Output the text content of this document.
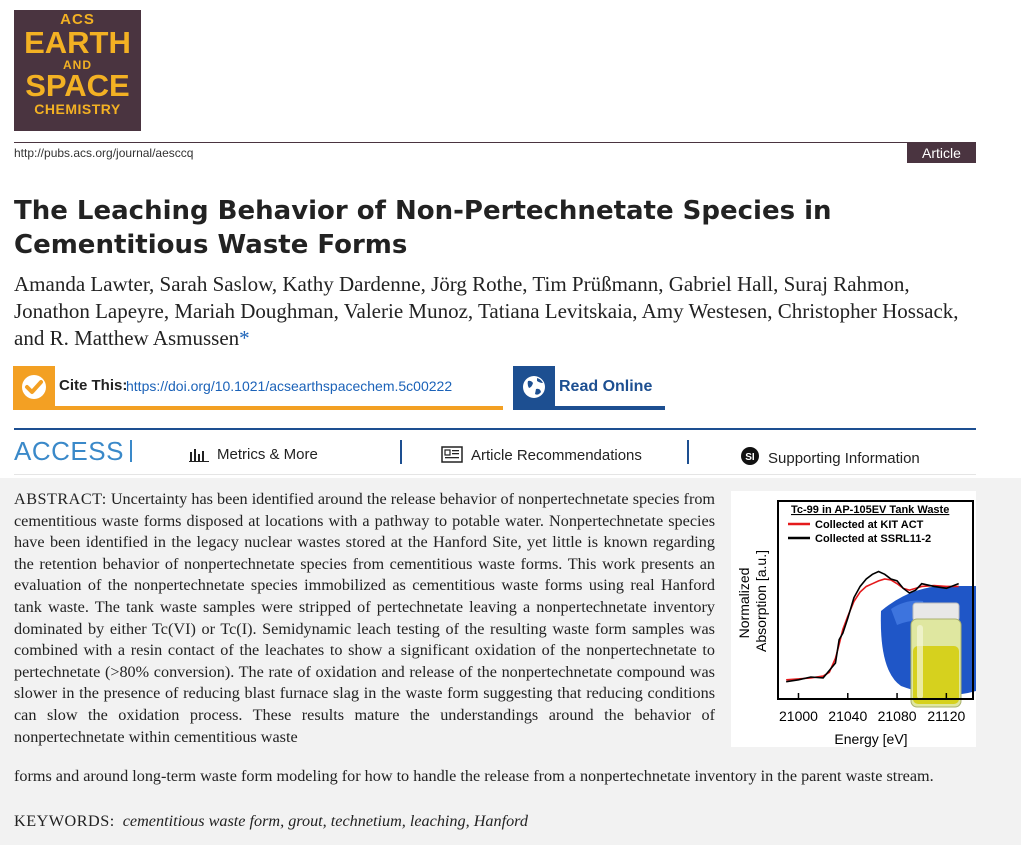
ACS
EARTH
AND
SPACE
CHEMISTRY
http://pubs.acs.org/journal/aesccq	Article
The Leaching Behavior of Non-Pertechnetate Species in Cementitious Waste Forms
Amanda Lawter, Sarah Saslow, Kathy Dardenne, Jörg Rothe, Tim Prüßmann, Gabriel Hall, Suraj Rahmon, Jonathon Lapeyre, Mariah Doughman, Valerie Munoz, Tatiana Levitskaia, Amy Westesen, Christopher Hossack, and R. Matthew Asmussen*
Cite This:
https://doi.org/10.1021/acsearthspacechem.5c00222	Read Online
ACCESS	Metrics & More	Article Recommendations	SI Supporting Information
ABSTRACT: Uncertainty has been identified around the release behavior of nonpertechnetate species from cementitious waste forms disposed at locations with a pathway to potable water. Nonpertechnetate species have been identified in the legacy nuclear wastes stored at the Hanford Site, yet little is known regarding the retention behavior of nonpertechnetate species from cementitious waste forms. This work presents an evaluation of the nonpertechnetate species immobilized as cementitious waste forms using real Hanford tank waste. The tank waste samples were stripped of pertechnetate leaving a nonpertechnetate inventory dominated by either Tc(VI) or Tc(I). Semidynamic leach testing of the resulting waste form samples was combined with a resin contact of the leachates to show a significant oxidation of the nonpertechnetate to pertechnetate (>80% conversion). The rate of oxidation and release of the nonpertechnetate compound was slower in the presence of reducing blast furnace slag in the waste form suggesting that reducing conditions can slow the oxidation process. These results mature the understandings around the behavior of nonpertechnetate within cementitious waste
forms and around long-term waste form modeling for how to handle the release from a nonpertechnetate inventory in the parent waste stream.
KEYWORDS: cementitious waste form, grout, technetium, leaching, Hanford
Tc-99 in AP-105EV Tank Waste
Collected at KIT ACT
Collected at SSRL11-2
Normalized Absorption [a.u.]
21000 21040 21080 21120
Energy [eV]
